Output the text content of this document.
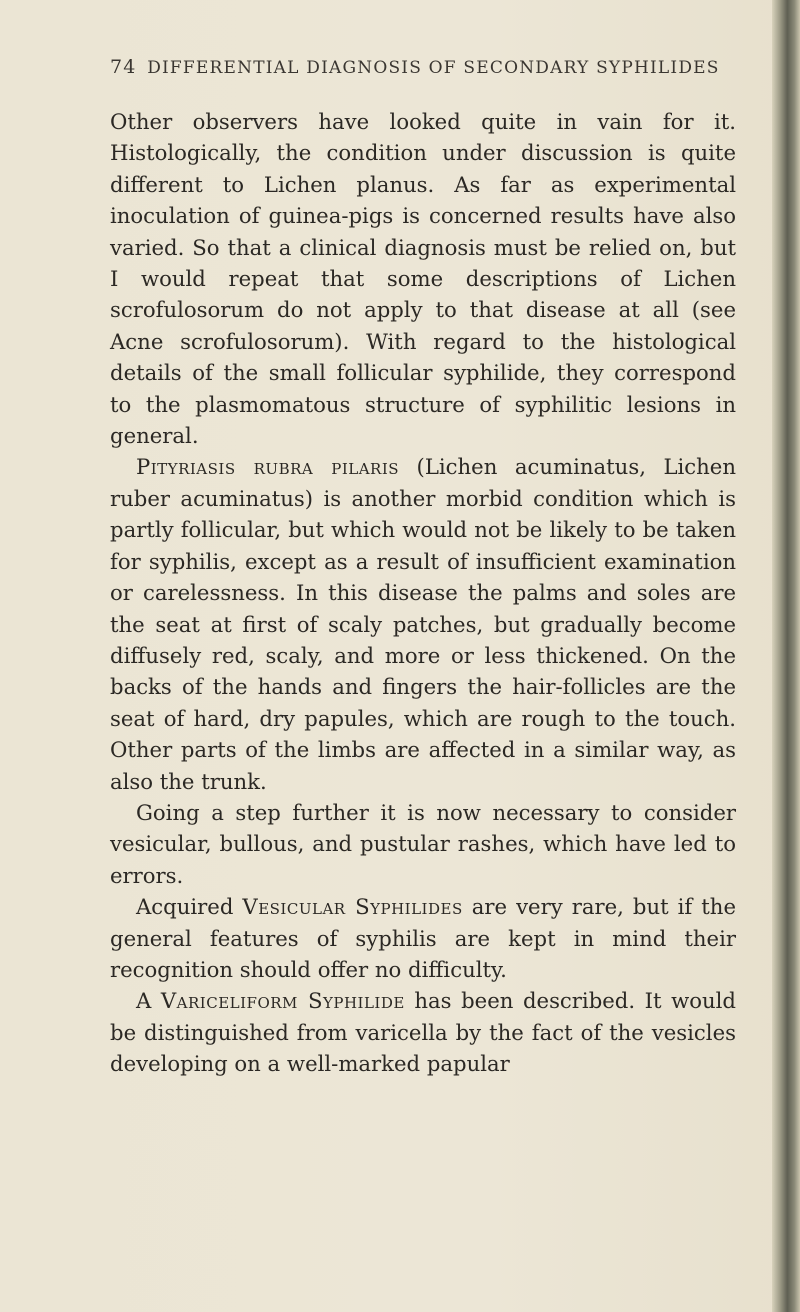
74 DIFFERENTIAL DIAGNOSIS OF SECONDARY SYPHILIDES

Other observers have looked quite in vain for it. Histologically, the condition under discussion is quite different to Lichen planus. As far as experimental inoculation of guinea-pigs is concerned results have also varied. So that a clinical diagnosis must be relied on, but I would repeat that some descriptions of Lichen scrofulosorum do not apply to that disease at all (see Acne scrofulosorum). With regard to the histological details of the small follicular syphilide, they correspond to the plasmomatous structure of syphilitic lesions in general.

Pityriasis rubra pilaris (Lichen acuminatus, Lichen ruber acuminatus) is another morbid condition which is partly follicular, but which would not be likely to be taken for syphilis, except as a result of insufficient examination or carelessness. In this disease the palms and soles are the seat at first of scaly patches, but gradually become diffusely red, scaly, and more or less thickened. On the backs of the hands and fingers the hair-follicles are the seat of hard, dry papules, which are rough to the touch. Other parts of the limbs are affected in a similar way, as also the trunk.

Going a step further it is now necessary to consider vesicular, bullous, and pustular rashes, which have led to errors.

Acquired Vesicular Syphilides are very rare, but if the general features of syphilis are kept in mind their recognition should offer no difficulty.

A Variceliform Syphilide has been described. It would be distinguished from varicella by the fact of the vesicles developing on a well-marked papular
